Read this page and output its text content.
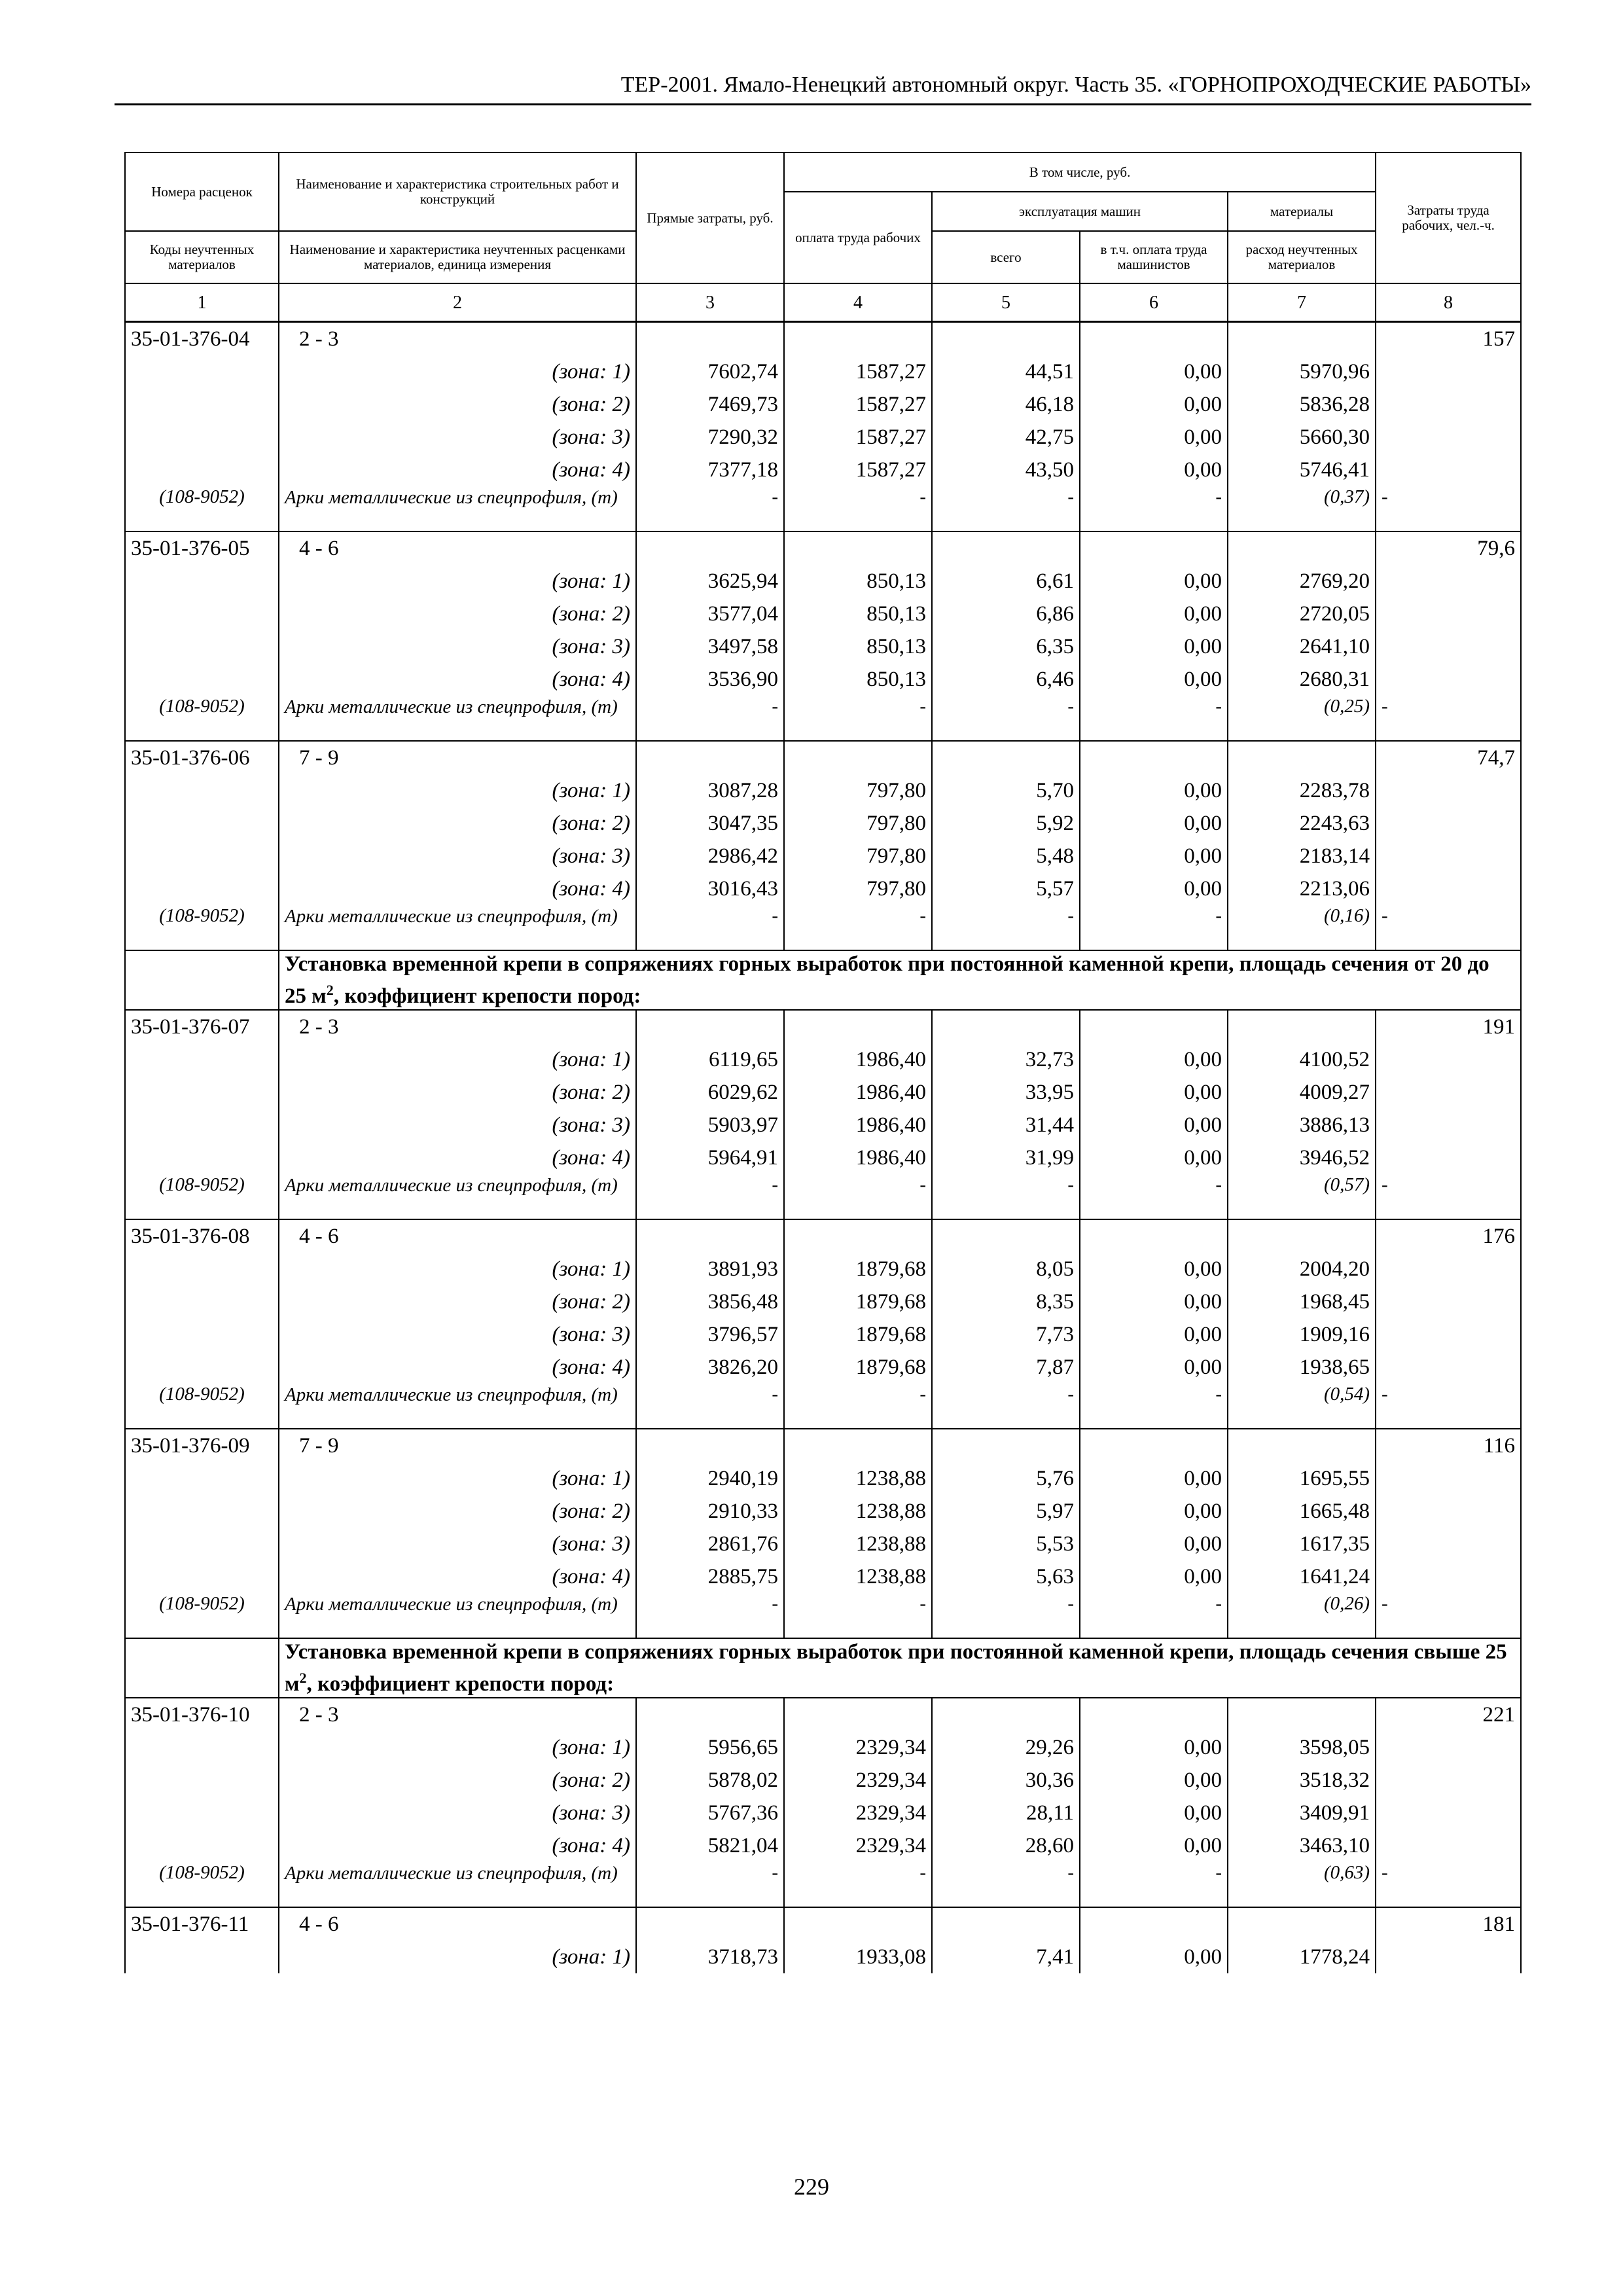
ТЕР-2001. Ямало-Ненецкий автономный округ. Часть 35. «ГОРНОПРОХОДЧЕСКИЕ РАБОТЫ»
Номера расценок	Наименование и характеристика строительных работ и конструкций	Прямые затраты, руб.	В том числе, руб.				Затраты труда рабочих, чел.-ч.
			оплата труда рабочих	эксплуатация машин		материалы	
Коды неучтенных материалов	Наименование и характеристика неучтенных расценками материалов, единица измерения			всего	в т.ч. оплата труда машинистов	расход неучтенных материалов	
1	2	3	4	5	6	7	8
35-01-376-04	2 - 3						157
	(зона: 1)	7602,74	1587,27	44,51	0,00	5970,96	
	(зона: 2)	7469,73	1587,27	46,18	0,00	5836,28	
	(зона: 3)	7290,32	1587,27	42,75	0,00	5660,30	
	(зона: 4)	7377,18	1587,27	43,50	0,00	5746,41	
(108-9052)	Арки металлические из спецпрофиля, (т)	-	-	-	-	(0,37)	-
35-01-376-05	4 - 6						79,6
	(зона: 1)	3625,94	850,13	6,61	0,00	2769,20	
	(зона: 2)	3577,04	850,13	6,86	0,00	2720,05	
	(зона: 3)	3497,58	850,13	6,35	0,00	2641,10	
	(зона: 4)	3536,90	850,13	6,46	0,00	2680,31	
(108-9052)	Арки металлические из спецпрофиля, (т)	-	-	-	-	(0,25)	-
35-01-376-06	7 - 9						74,7
	(зона: 1)	3087,28	797,80	5,70	0,00	2283,78	
	(зона: 2)	3047,35	797,80	5,92	0,00	2243,63	
	(зона: 3)	2986,42	797,80	5,48	0,00	2183,14	
	(зона: 4)	3016,43	797,80	5,57	0,00	2213,06	
(108-9052)	Арки металлические из спецпрофиля, (т)	-	-	-	-	(0,16)	-
	Установка временной крепи в сопряжениях горных выработок при постоянной каменной крепи, площадь сечения от 20 до 25 $м^2$, коэффициент крепости пород:						
35-01-376-07	2 - 3						191
	(зона: 1)	6119,65	1986,40	32,73	0,00	4100,52	
	(зона: 2)	6029,62	1986,40	33,95	0,00	4009,27	
	(зона: 3)	5903,97	1986,40	31,44	0,00	3886,13	
	(зона: 4)	5964,91	1986,40	31,99	0,00	3946,52	
(108-9052)	Арки металлические из спецпрофиля, (т)	-	-	-	-	(0,57)	-
35-01-376-08	4 - 6						176
	(зона: 1)	3891,93	1879,68	8,05	0,00	2004,20	
	(зона: 2)	3856,48	1879,68	8,35	0,00	1968,45	
	(зона: 3)	3796,57	1879,68	7,73	0,00	1909,16	
	(зона: 4)	3826,20	1879,68	7,87	0,00	1938,65	
(108-9052)	Арки металлические из спецпрофиля, (т)	-	-	-	-	(0,54)	-
35-01-376-09	7 - 9						116
	(зона: 1)	2940,19	1238,88	5,76	0,00	1695,55	
	(зона: 2)	2910,33	1238,88	5,97	0,00	1665,48	
	(зона: 3)	2861,76	1238,88	5,53	0,00	1617,35	
	(зона: 4)	2885,75	1238,88	5,63	0,00	1641,24	
(108-9052)	Арки металлические из спецпрофиля, (т)	-	-	-	-	(0,26)	-
	Установка временной крепи в сопряжениях горных выработок при постоянной каменной крепи, площадь сечения свыше 25 $м^2$, коэффициент крепости пород:						
35-01-376-10	2 - 3						221
	(зона: 1)	5956,65	2329,34	29,26	0,00	3598,05	
	(зона: 2)	5878,02	2329,34	30,36	0,00	3518,32	
	(зона: 3)	5767,36	2329,34	28,11	0,00	3409,91	
	(зона: 4)	5821,04	2329,34	28,60	0,00	3463,10	
(108-9052)	Арки металлические из спецпрофиля, (т)	-	-	-	-	(0,63)	-
35-01-376-11	4 - 6						181
	(зона: 1)	3718,73	1933,08	7,41	0,00	1778,24	
229
